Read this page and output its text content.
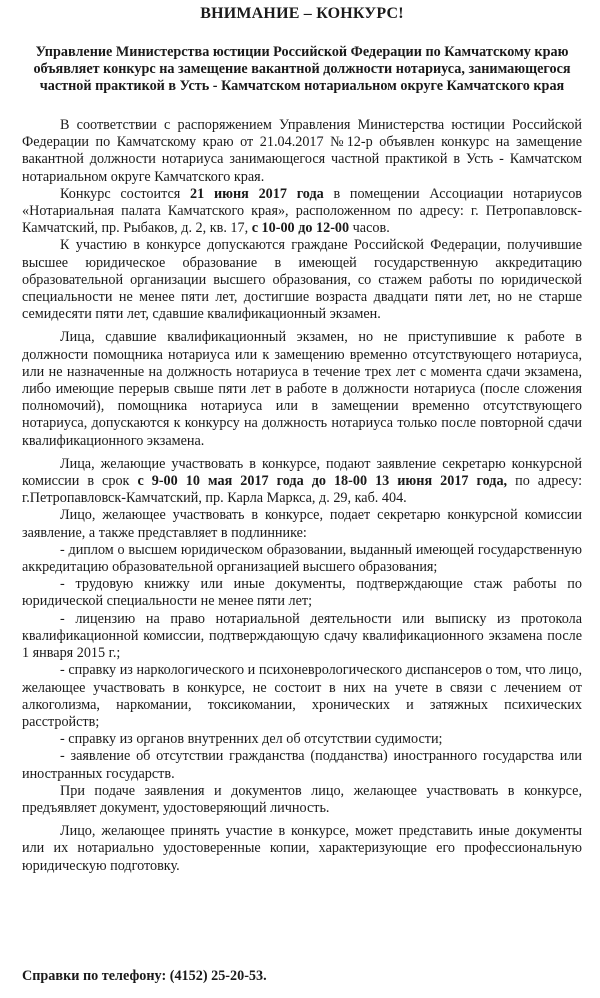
ВНИМАНИЕ – КОНКУРС!
Управление Министерства юстиции Российской Федерации по Камчатскому краю объявляет конкурс на замещение вакантной должности нотариуса, занимающегося частной практикой в Усть - Камчатском нотариальном округе Камчатского края

В соответствии с распоряжением Управления Министерства юстиции Российской Федерации по Камчатскому краю от 21.04.2017 №12-р объявлен конкурс на замещение вакантной должности нотариуса занимающегося частной практикой в Усть - Камчатском нотариальном округе Камчатского края.

Конкурс состоится 21 июня 2017 года в помещении Ассоциации нотариусов «Нотариальная палата Камчатского края», расположенном по адресу: г. Петропавловск-Камчатский, пр. Рыбаков, д. 2, кв. 17, с 10-00 до 12-00 часов.

К участию в конкурсе допускаются граждане Российской Федерации, получившие высшее юридическое образование в имеющей государственную аккредитацию образовательной организации высшего образования, со стажем работы по юридической специальности не менее пяти лет, достигшие возраста двадцати пяти лет, но не старше семидесяти пяти лет, сдавшие квалификационный экзамен.

Лица, сдавшие квалификационный экзамен, но не приступившие к работе в должности помощника нотариуса или к замещению временно отсутствующего нотариуса, или не назначенные на должность нотариуса в течение трех лет с момента сдачи экзамена, либо имеющие перерыв свыше пяти лет в работе в должности нотариуса (после сложения полномочий), помощника нотариуса или в замещении временно отсутствующего нотариуса, допускаются к конкурсу на должность нотариуса только после повторной сдачи квалификационного экзамена.

Лица, желающие участвовать в конкурсе, подают заявление секретарю конкурсной комиссии в срок с 9-00 10 мая 2017 года до 18-00 13 июня 2017 года, по адресу: г.Петропавловск-Камчатский, пр. Карла Маркса, д. 29, каб. 404.

Лицо, желающее участвовать в конкурсе, подает секретарю конкурсной комиссии заявление, а также представляет в подлиннике:

- диплом о высшем юридическом образовании, выданный имеющей государственную аккредитацию образовательной организацией высшего образования;

- трудовую книжку или иные документы, подтверждающие стаж работы по юридической специальности не менее пяти лет;

- лицензию на право нотариальной деятельности или выписку из протокола квалификационной комиссии, подтверждающую сдачу квалификационного экзамена после 1 января 2015 г.;

- справку из наркологического и психоневрологического диспансеров о том, что лицо, желающее участвовать в конкурсе, не состоит в них на учете в связи с лечением от алкоголизма, наркомании, токсикомании, хронических и затяжных психических расстройств;

- справку из органов внутренних дел об отсутствии судимости;

- заявление об отсутствии гражданства (подданства) иностранного государства или иностранных государств.

При подаче заявления и документов лицо, желающее участвовать в конкурсе, предъявляет документ, удостоверяющий личность.

Лицо, желающее принять участие в конкурсе, может представить иные документы или их нотариально удостоверенные копии, характеризующие его профессиональную юридическую подготовку.

Справки по телефону: (4152) 25-20-53.
